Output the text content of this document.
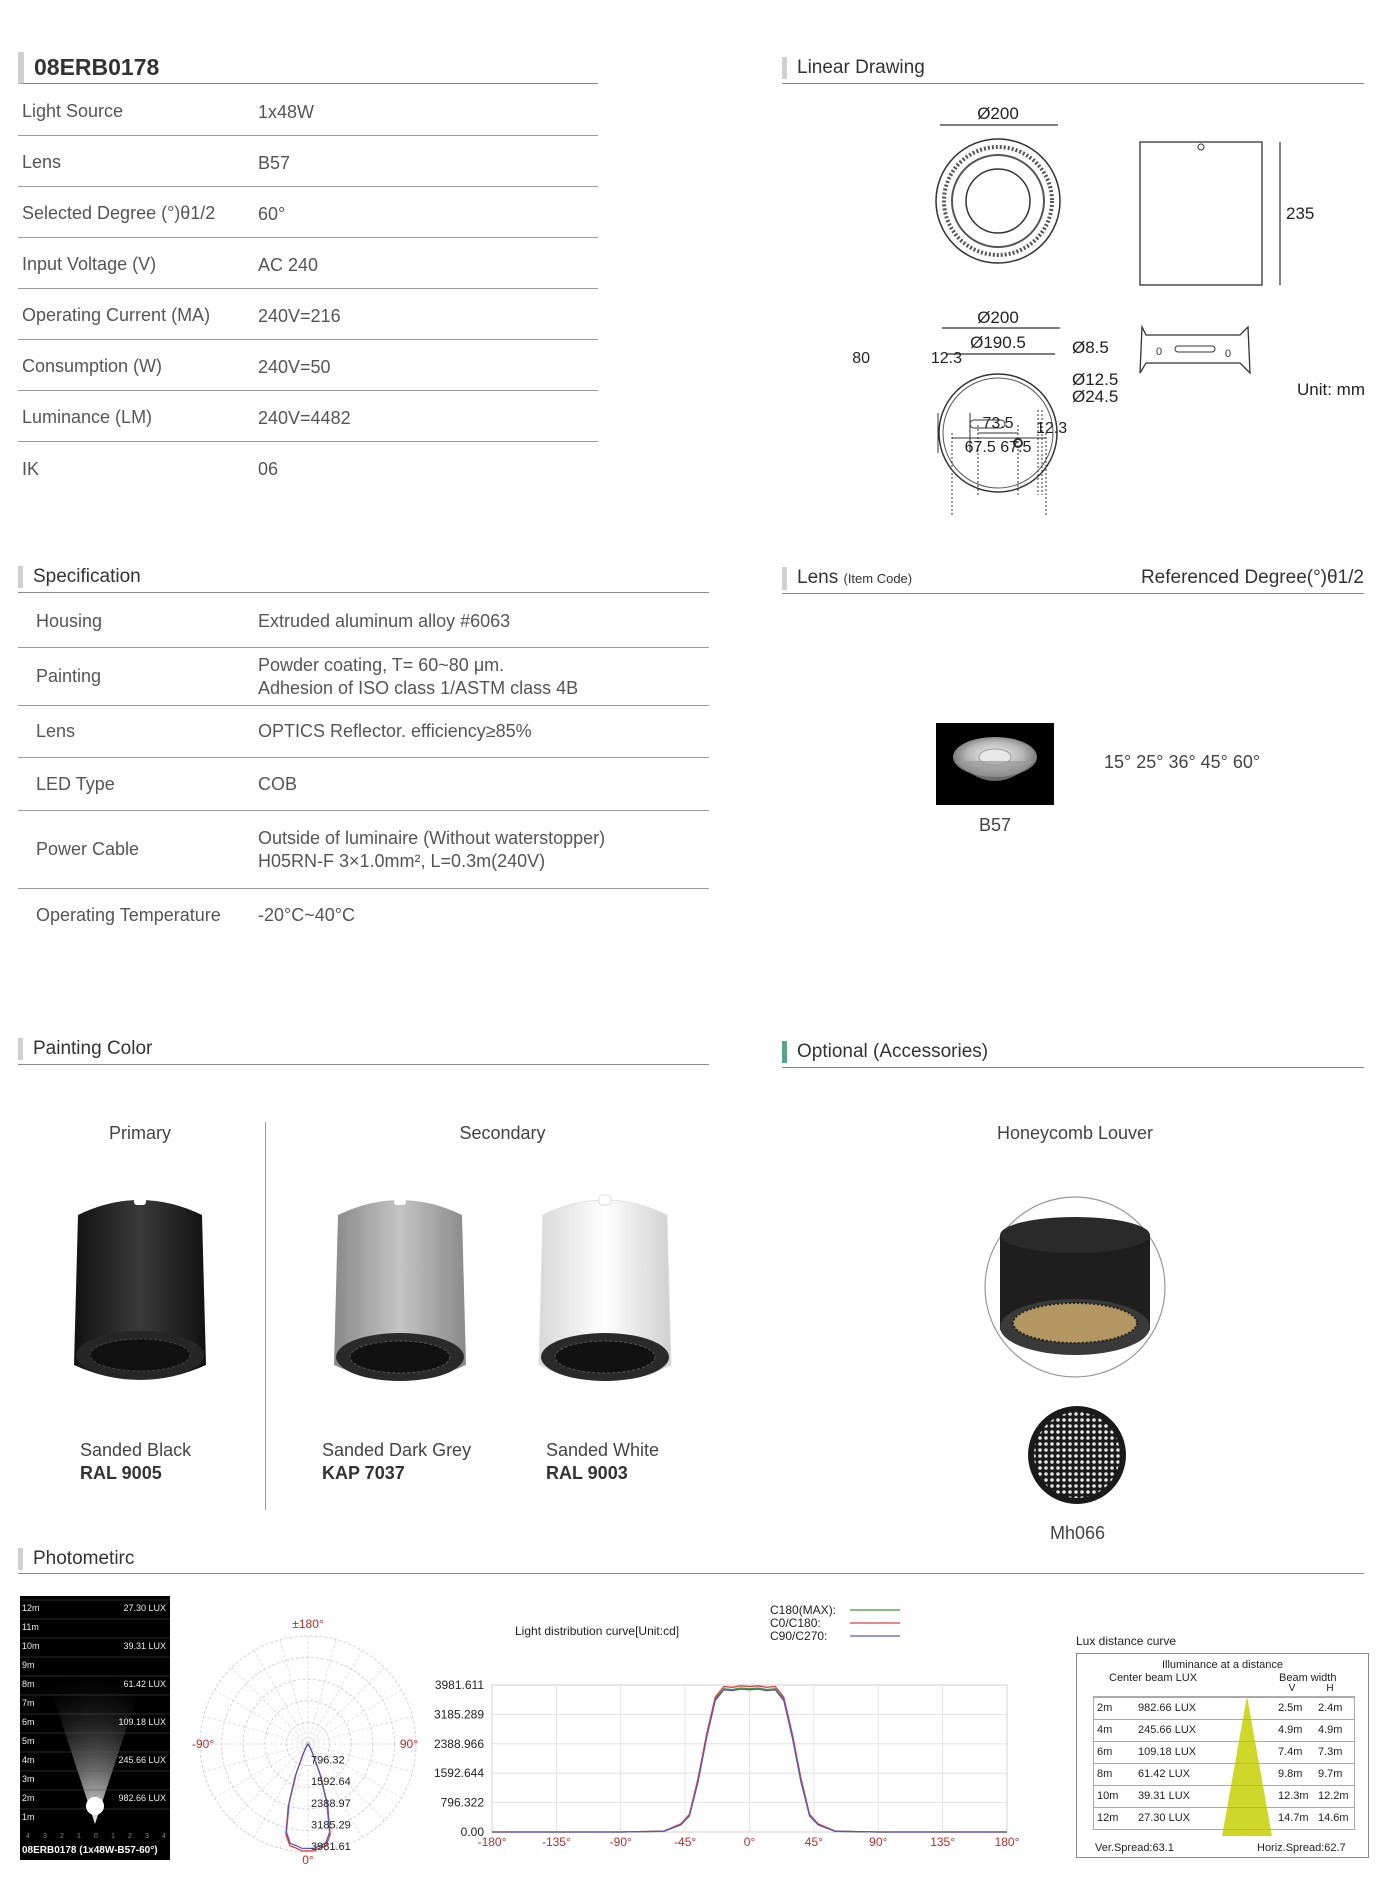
08ERB0178
Light Source	1x48W
Lens	B57
Selected Degree (°)θ1/2 60°
Input Voltage (V)	AC 240
Operating Current (MA)	240V=216
Consumption (W)	240V=50
Luminance (LM)	240V=4482
IK	06
Linear Drawing
Ø200
235
Ø200
Ø190.5
80	12.3
Ø8.5
Ø12.5
Ø24.5
73.5 12.3
67.5 67.5
0	0
Unit: mm
Specification
Housing	Extruded aluminum alloy #6063
Painting
Powder coating, T= 60~80 μm.
Adhesion of ISO class 1/ASTM class 4B
Lens	OPTICS Reflector. efficiency≥85%
LED Type	COB
Power Cable
Outside of luminaire (Without waterstopper)
H05RN-F 3×1.0mm², L=0.3m(240V)
Operating Temperature -20°C~40°C
Lens (Item Code)	Referenced Degree(°)θ1/2
B57
15° 25° 36° 45° 60°
Painting Color
Primary	Secondary
Sanded Black
RAL 9005
Sanded Dark Grey
KAP 7037
Sanded White
RAL 9003
Optional (Accessories)
Honeycomb Louver
Mh066
Photometirc
12m
11m
10m
9m
8m
7m
6m
5m
4m
3m
2m
1m
27.30 LUX
39.31 LUX
61.42 LUX
109.18 LUX
245.66 LUX
982.66 LUX
4 3 2 1 0 1 2 3 4
08ERB0178 (1x48W-B57-60°)
±180°
-90°	90°
0°
796.32
1592.64
2388.97
3185.29
3981.61
Light distribution curve[Unit:cd]
C180(MAX):
C0/C180:
C90/C270:
0.00
796.322
1592.644
2388.966
3185.289
3981.611
-180°	-135°	-90°	-45°	0°	45°	90°	135°	180°
Lux distance curve
Illuminance at a distance
Center beam LUX	Beam width
V	H
2m 982.66 LUX	2.5m 2.4m
4m 245.66 LUX	4.9m 4.9m
6m 109.18 LUX	7.4m 7.3m
8m 61.42 LUX	9.8m 9.7m
10m 39.31 LUX	12.3m 12.2m
12m 27.30 LUX	14.7m 14.6m
Ver.Spread:63.1	Horiz.Spread:62.7
